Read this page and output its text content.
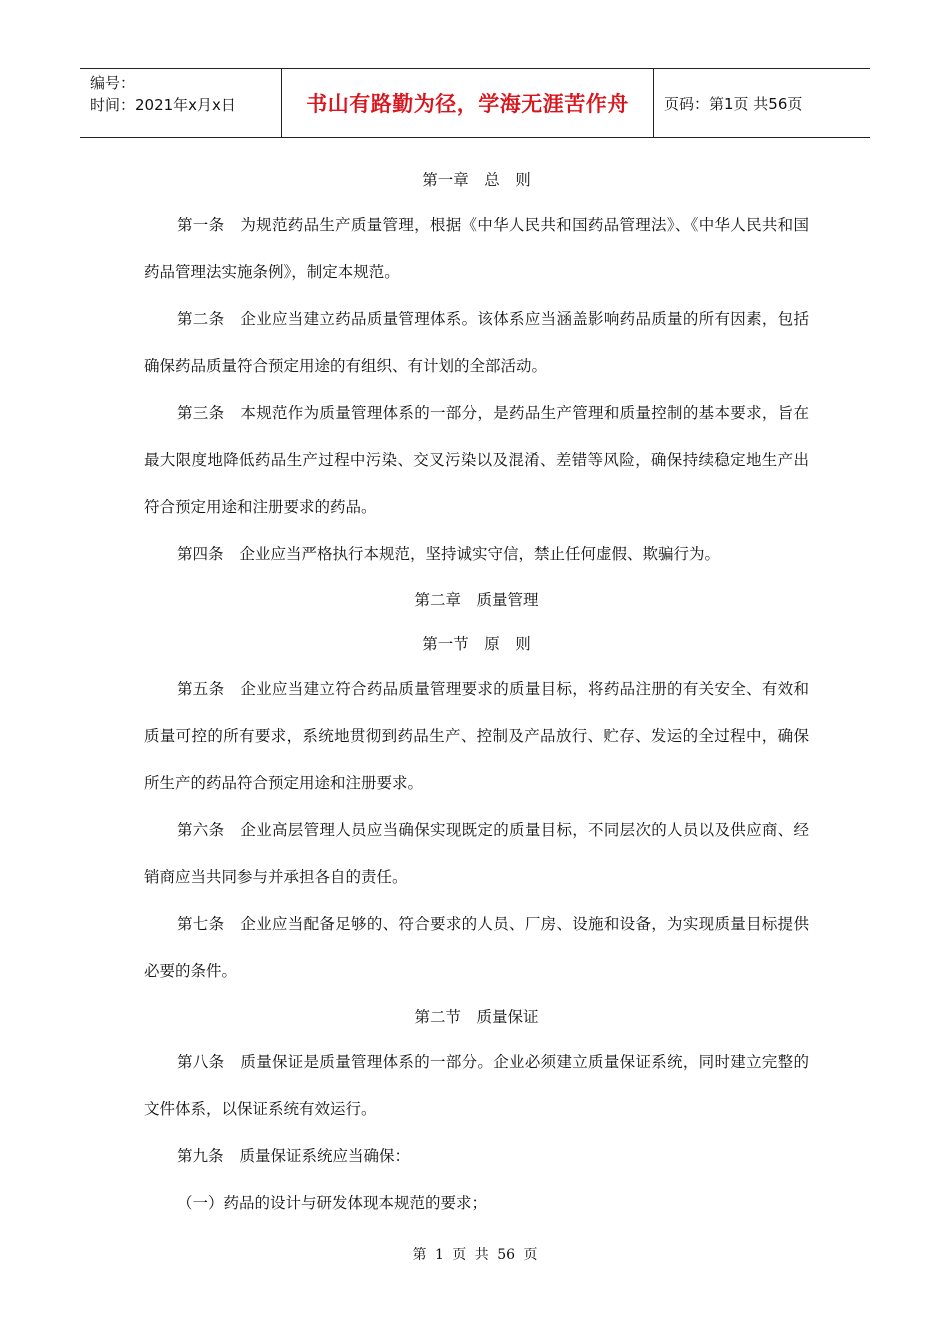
编号：
时间：2021年x月x日	书山有路勤为径，学海无涯苦作舟	页码：第1页 共56页

第一章　总　则

第一条 为规范药品生产质量管理，根据《中华人民共和国药品管理法》、《中华人民共和国药品管理法实施条例》，制定本规范。

第二条 企业应当建立药品质量管理体系。该体系应当涵盖影响药品质量的所有因素，包括确保药品质量符合预定用途的有组织、有计划的全部活动。

第三条 本规范作为质量管理体系的一部分，是药品生产管理和质量控制的基本要求，旨在最大限度地降低药品生产过程中污染、交叉污染以及混淆、差错等风险，确保持续稳定地生产出符合预定用途和注册要求的药品。

第四条 企业应当严格执行本规范，坚持诚实守信，禁止任何虚假、欺骗行为。

第二章　质量管理

第一节　原　则

第五条 企业应当建立符合药品质量管理要求的质量目标，将药品注册的有关安全、有效和质量可控的所有要求，系统地贯彻到药品生产、控制及产品放行、贮存、发运的全过程中，确保所生产的药品符合预定用途和注册要求。

第六条 企业高层管理人员应当确保实现既定的质量目标，不同层次的人员以及供应商、经销商应当共同参与并承担各自的责任。

第七条 企业应当配备足够的、符合要求的人员、厂房、设施和设备，为实现质量目标提供必要的条件。

第二节　质量保证

第八条 质量保证是质量管理体系的一部分。企业必须建立质量保证系统，同时建立完整的文件体系，以保证系统有效运行。

第九条 质量保证系统应当确保：

（一）药品的设计与研发体现本规范的要求；

第 1 页 共 56 页
